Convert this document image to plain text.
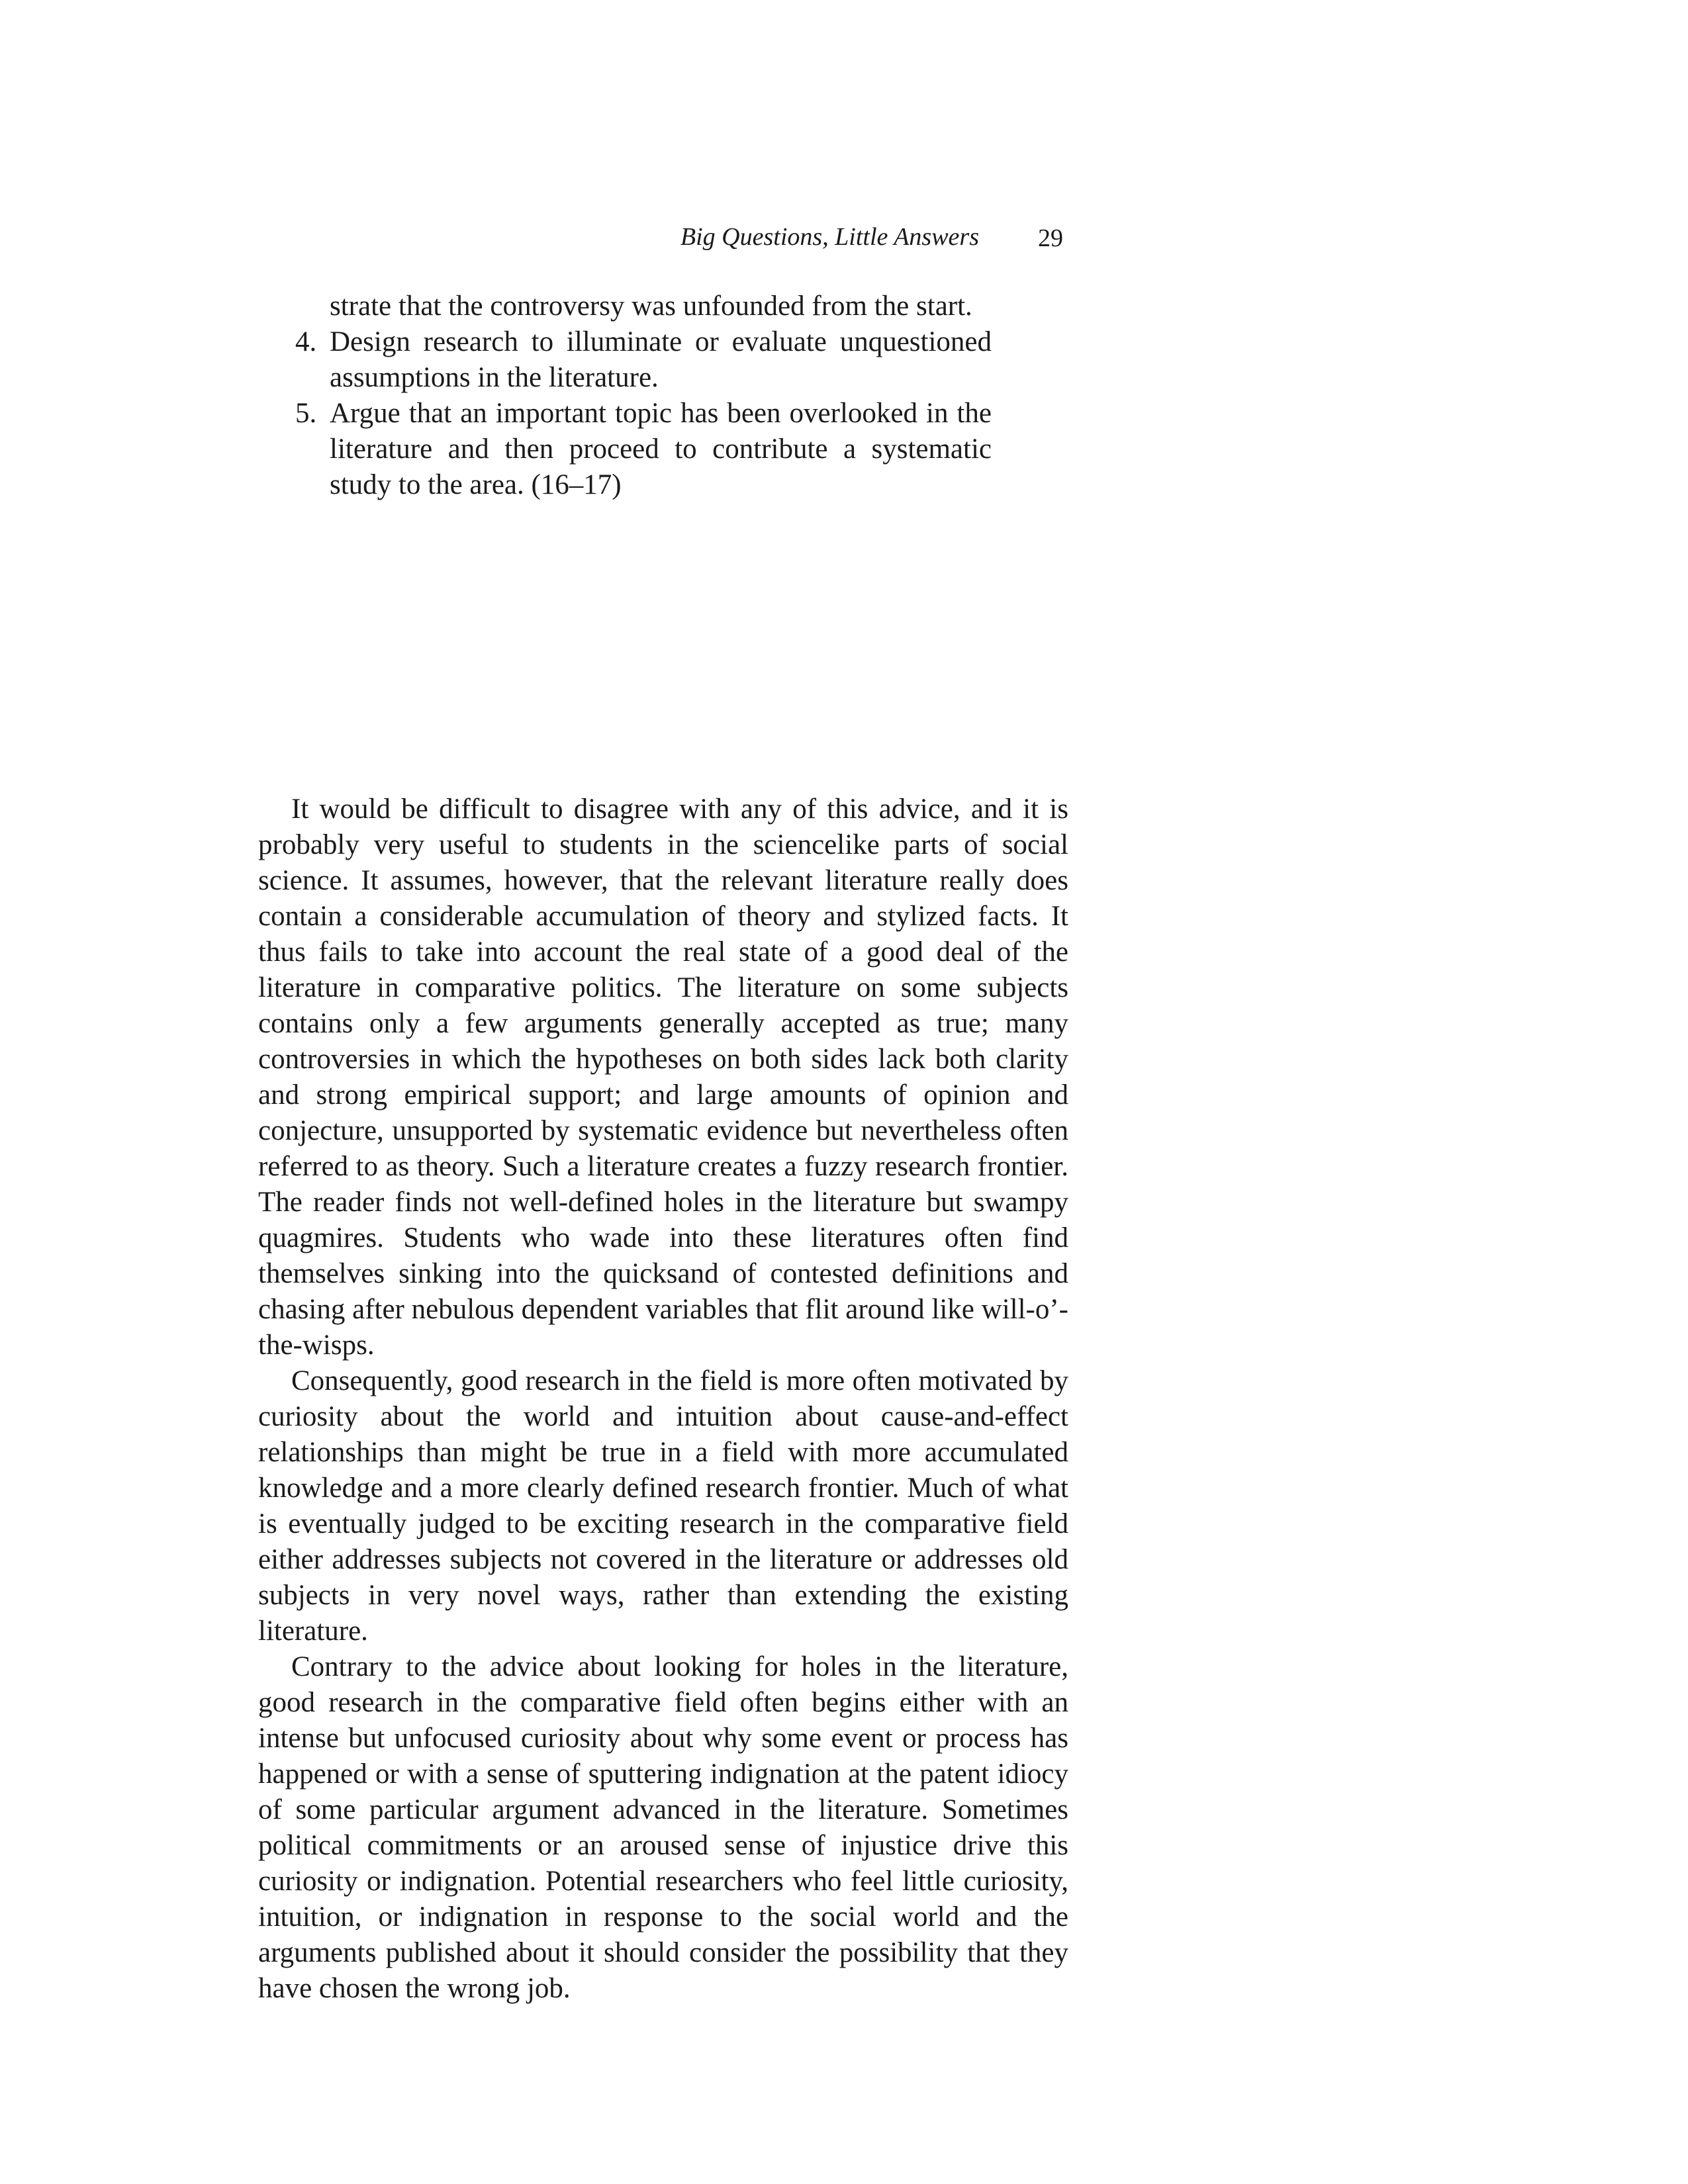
Big Questions, Little Answers 29
strate that the controversy was unfounded from the start.
4. Design research to illuminate or evaluate unquestioned assumptions in the literature.
5. Argue that an important topic has been overlooked in the literature and then proceed to contribute a systematic study to the area. (16–17)

It would be difficult to disagree with any of this advice, and it is probably very useful to students in the sciencelike parts of social science. It assumes, however, that the relevant literature really does contain a considerable accumulation of theory and stylized facts. It thus fails to take into account the real state of a good deal of the literature in comparative politics. The literature on some subjects contains only a few arguments generally accepted as true; many controversies in which the hypotheses on both sides lack both clarity and strong empirical support; and large amounts of opinion and conjecture, unsupported by systematic evidence but nevertheless often referred to as theory. Such a literature creates a fuzzy research frontier. The reader finds not well-defined holes in the literature but swampy quagmires. Students who wade into these literatures often find themselves sinking into the quicksand of contested definitions and chasing after nebulous dependent variables that flit around like will-o’-the-wisps.

Consequently, good research in the field is more often motivated by curiosity about the world and intuition about cause-and-effect relationships than might be true in a field with more accumulated knowledge and a more clearly defined research frontier. Much of what is eventually judged to be exciting research in the comparative field either addresses subjects not covered in the literature or addresses old subjects in very novel ways, rather than extending the existing literature.

Contrary to the advice about looking for holes in the literature, good research in the comparative field often begins either with an intense but unfocused curiosity about why some event or process has happened or with a sense of sputtering indignation at the patent idiocy of some particular argument advanced in the literature. Sometimes political commitments or an aroused sense of injustice drive this curiosity or indignation. Potential researchers who feel little curiosity, intuition, or indignation in response to the social world and the arguments published about it should consider the possibility that they have chosen the wrong job.
